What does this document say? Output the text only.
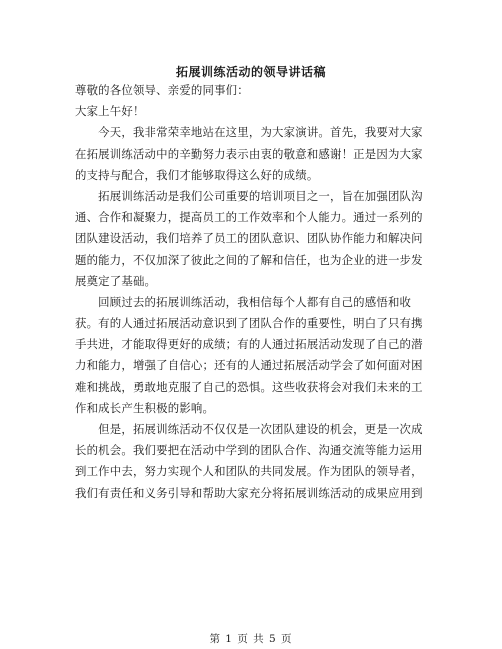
拓展训练活动的领导讲话稿
尊敬的各位领导、亲爱的同事们：
大家上午好！
　　今天，我非常荣幸地站在这里，为大家演讲。首先，我要对大家
在拓展训练活动中的辛勤努力表示由衷的敬意和感谢！正是因为大家
的支持与配合，我们才能够取得这么好的成绩。
　　拓展训练活动是我们公司重要的培训项目之一，旨在加强团队沟
通、合作和凝聚力，提高员工的工作效率和个人能力。通过一系列的
团队建设活动，我们培养了员工的团队意识、团队协作能力和解决问
题的能力，不仅加深了彼此之间的了解和信任，也为企业的进一步发
展奠定了基础。
　　回顾过去的拓展训练活动，我相信每个人都有自己的感悟和收
获。有的人通过拓展活动意识到了团队合作的重要性，明白了只有携
手共进，才能取得更好的成绩；有的人通过拓展活动发现了自己的潜
力和能力，增强了自信心；还有的人通过拓展活动学会了如何面对困
难和挑战，勇敢地克服了自己的恐惧。这些收获将会对我们未来的工
作和成长产生积极的影响。
　　但是，拓展训练活动不仅仅是一次团队建设的机会，更是一次成
长的机会。我们要把在活动中学到的团队合作、沟通交流等能力运用
到工作中去，努力实现个人和团队的共同发展。作为团队的领导者，
我们有责任和义务引导和帮助大家充分将拓展训练活动的成果应用到
第 1 页 共 5 页
